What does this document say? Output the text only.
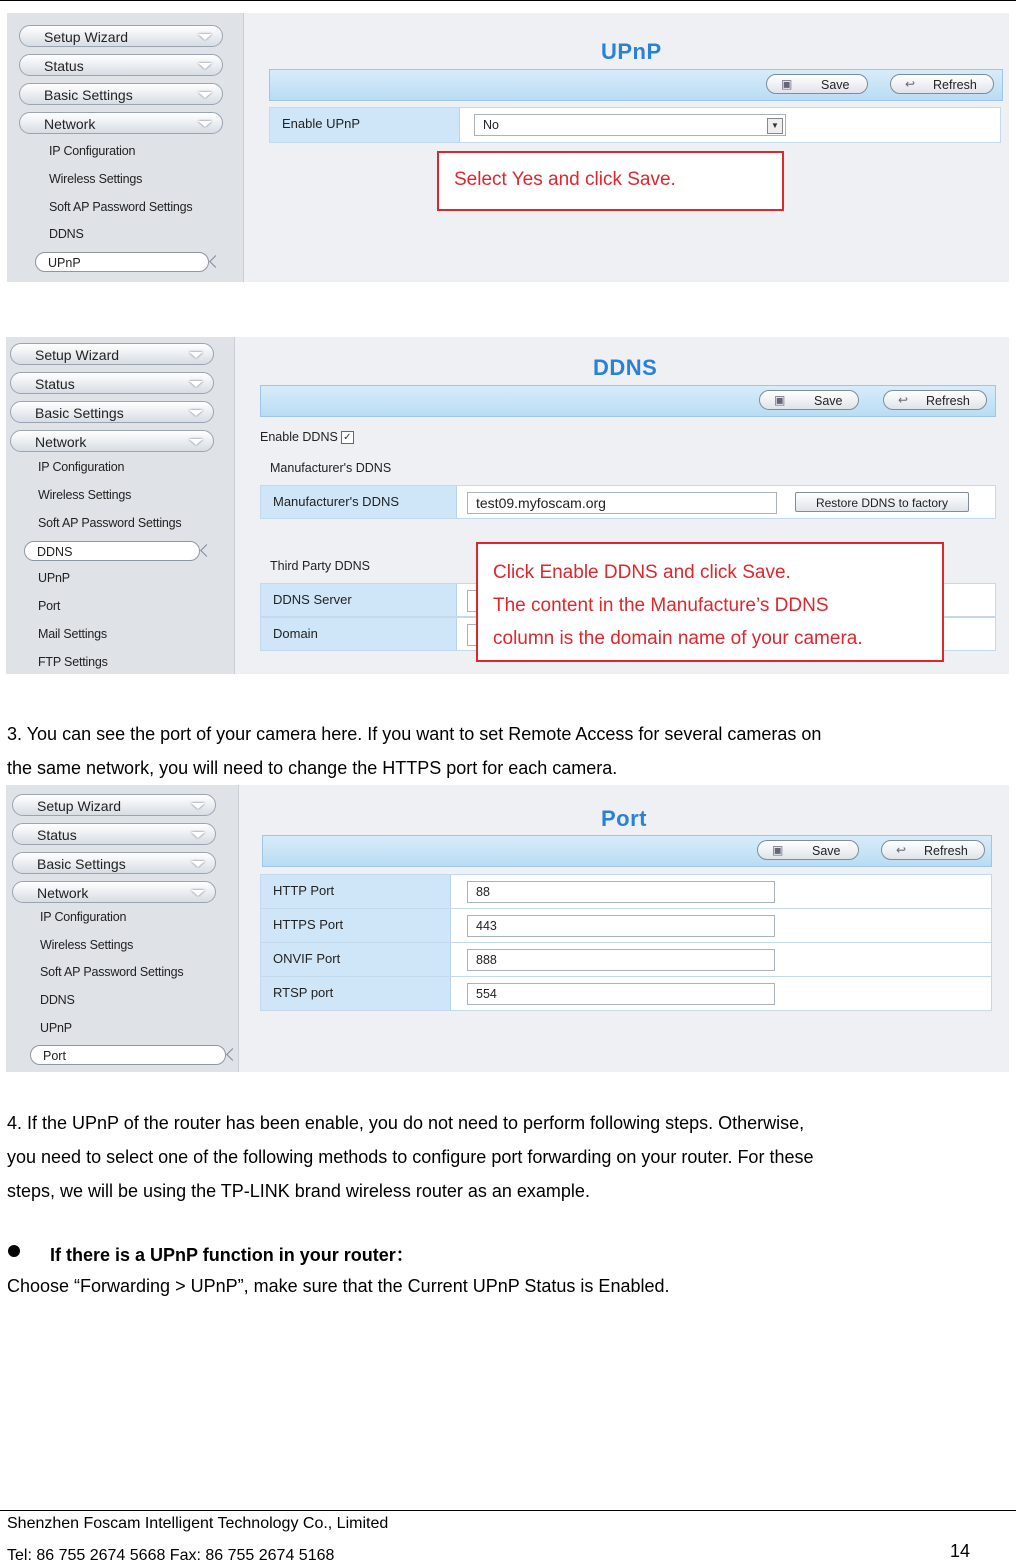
Setup Wizard
Status
Basic Settings
Network
IP Configuration
Wireless Settings
Soft AP Password Settings
DDNS
UPnP
UPnP
▣ Save	↩ Refresh
Enable UPnP	No	▼
Select Yes and click Save.
Setup Wizard
Status
Basic Settings
Network
IP Configuration
Wireless Settings
Soft AP Password Settings
DDNS
UPnP
Port
Mail Settings
FTP Settings
DDNS
▣ Save	↩ Refresh
Enable DDNS ✓
Manufacturer's DDNS
Manufacturer's DDNS	test09.myfoscam.org	Restore DDNS to factory
Third Party DDNS
DDNS Server
Domain
Click Enable DDNS and click Save.
The content in the Manufacture’s DDNS
column is the domain name of your camera.
3. You can see the port of your camera here. If you want to set Remote Access for several cameras on
the same network, you will need to change the HTTPS port for each camera.
Setup Wizard
Status
Basic Settings
Network
IP Configuration
Wireless Settings
Soft AP Password Settings
DDNS
UPnP
Port
Port
▣ Save	↩ Refresh
HTTP Port	88
HTTPS Port	443
ONVIF Port	888
RTSP port	554
4. If the UPnP of the router has been enable, you do not need to perform following steps. Otherwise,
you need to select one of the following methods to configure port forwarding on your router. For these
steps, we will be using the TP-LINK brand wireless router as an example.
If there is a UPnP function in your router：
Choose “Forwarding > UPnP”, make sure that the Current UPnP Status is Enabled.
Shenzhen Foscam Intelligent Technology Co., Limited
Tel: 86 755 2674 5668 Fax: 86 755 2674 5168	14
